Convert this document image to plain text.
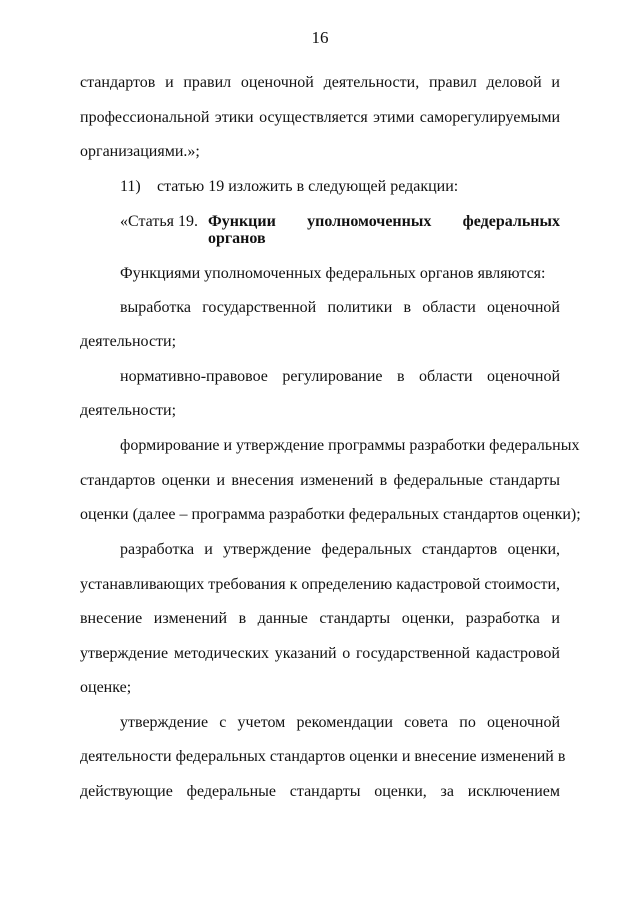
16
стандартов и правил оценочной деятельности, правил деловой и
профессиональной этики осуществляется этими саморегулируемыми
организациями.»;
11) статью 19 изложить в следующей редакции:
«Статья 19. Функции уполномоченных федеральных
органов
Функциями уполномоченных федеральных органов являются:
выработка государственной политики в области оценочной
деятельности;
нормативно-правовое регулирование в области оценочной
деятельности;
формирование и утверждение программы разработки федеральных
стандартов оценки и внесения изменений в федеральные стандарты
оценки (далее – программа разработки федеральных стандартов оценки);
разработка и утверждение федеральных стандартов оценки,
устанавливающих требования к определению кадастровой стоимости,
внесение изменений в данные стандарты оценки, разработка и
утверждение методических указаний о государственной кадастровой
оценке;
утверждение с учетом рекомендации совета по оценочной
деятельности федеральных стандартов оценки и внесение изменений в
действующие федеральные стандарты оценки, за исключением
